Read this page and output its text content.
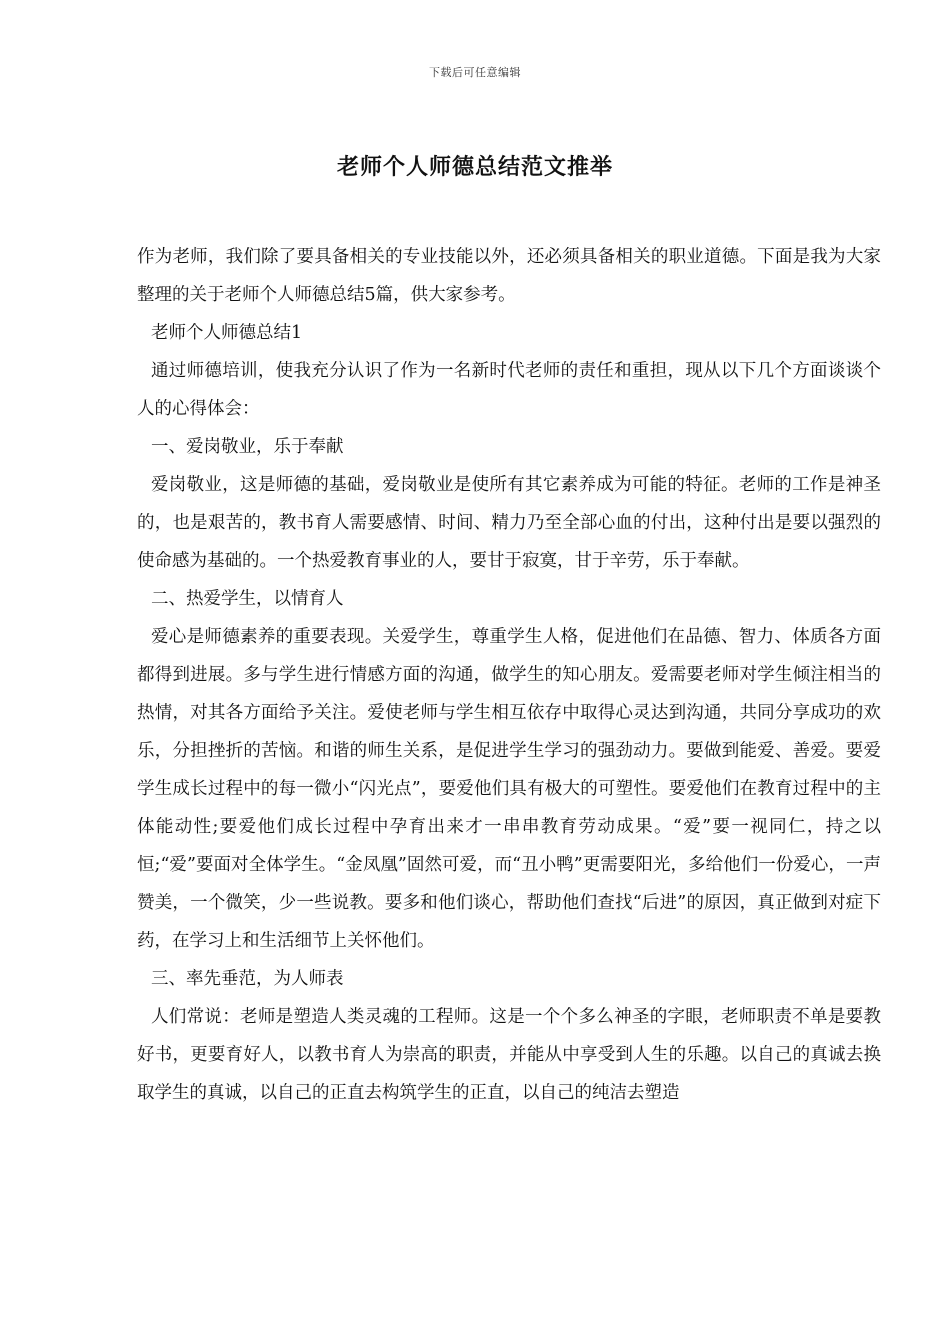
下载后可任意编辑
老师个人师德总结范文推举

作为老师，我们除了要具备相关的专业技能以外，还必须具备相关的职业道德。下面是我为大家整理的关于老师个人师德总结5篇，供大家参考。

老师个人师德总结1

通过师德培训，使我充分认识了作为一名新时代老师的责任和重担，现从以下几个方面谈谈个人的心得体会：

一、爱岗敬业，乐于奉献

爱岗敬业，这是师德的基础，爱岗敬业是使所有其它素养成为可能的特征。老师的工作是神圣的，也是艰苦的，教书育人需要感情、时间、精力乃至全部心血的付出，这种付出是要以强烈的使命感为基础的。一个热爱教育事业的人，要甘于寂寞，甘于辛劳，乐于奉献。

二、热爱学生，以情育人

爱心是师德素养的重要表现。关爱学生，尊重学生人格，促进他们在品德、智力、体质各方面都得到进展。多与学生进行情感方面的沟通，做学生的知心朋友。爱需要老师对学生倾注相当的热情，对其各方面给予关注。爱使老师与学生相互依存中取得心灵达到沟通，共同分享成功的欢乐，分担挫折的苦恼。和谐的师生关系，是促进学生学习的强劲动力。要做到能爱、善爱。要爱学生成长过程中的每一微小“闪光点”，要爱他们具有极大的可塑性。要爱他们在教育过程中的主体能动性;要爱他们成长过程中孕育出来才一串串教育劳动成果。“爱”要一视同仁，持之以恒;“爱”要面对全体学生。“金凤凰”固然可爱，而“丑小鸭”更需要阳光，多给他们一份爱心，一声赞美，一个微笑，少一些说教。要多和他们谈心，帮助他们查找“后进”的原因，真正做到对症下药，在学习上和生活细节上关怀他们。

三、率先垂范，为人师表

人们常说：老师是塑造人类灵魂的工程师。这是一个个多么神圣的字眼，老师职责不单是要教好书，更要育好人，以教书育人为崇高的职责，并能从中享受到人生的乐趣。以自己的真诚去换取学生的真诚，以自己的正直去构筑学生的正直，以自己的纯洁去塑造
